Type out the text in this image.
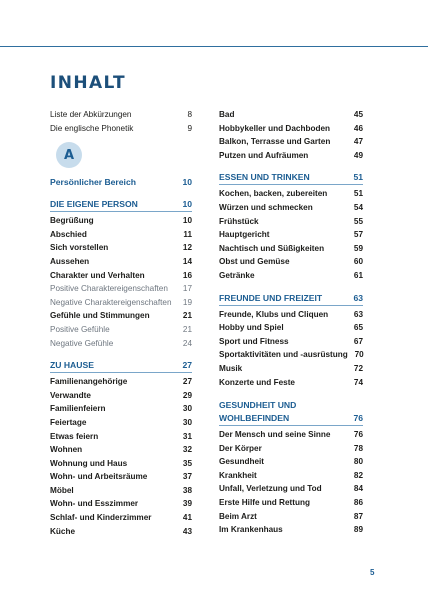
INHALT
Liste der Abkürzungen	8
Die englische Phonetik	9
A
Persönlicher Bereich	10
DIE EIGENE PERSON	10
Begrüßung	10
Abschied	11
Sich vorstellen	12
Aussehen	14
Charakter und Verhalten	16
Positive Charaktereigenschaften	17
Negative Charaktereigenschaften	19
Gefühle und Stimmungen	21
Positive Gefühle	21
Negative Gefühle	24
ZU HAUSE	27
Familienangehörige	27
Verwandte	29
Familienfeiern	30
Feiertage	30
Etwas feiern	31
Wohnen	32
Wohnung und Haus	35
Wohn- und Arbeitsräume	37
Möbel	38
Wohn- und Esszimmer	39
Schlaf- und Kinderzimmer	41
Küche	43
Bad	45
Hobbykeller und Dachboden	46
Balkon, Terrasse und Garten	47
Putzen und Aufräumen	49
ESSEN UND TRINKEN	51
Kochen, backen, zubereiten	51
Würzen und schmecken	54
Frühstück	55
Hauptgericht	57
Nachtisch und Süßigkeiten	59
Obst und Gemüse	60
Getränke	61
FREUNDE UND FREIZEIT	63
Freunde, Klubs und Cliquen	63
Hobby und Spiel	65
Sport und Fitness	67
Sportaktivitäten und -ausrüstung 70
Musik	72
Konzerte und Feste	74
GESUNDHEIT UND WOHLBEFINDEN	76
Der Mensch und seine Sinne	76
Der Körper	78
Gesundheit	80
Krankheit	82
Unfall, Verletzung und Tod	84
Erste Hilfe und Rettung	86
Beim Arzt	87
Im Krankenhaus	89
5
